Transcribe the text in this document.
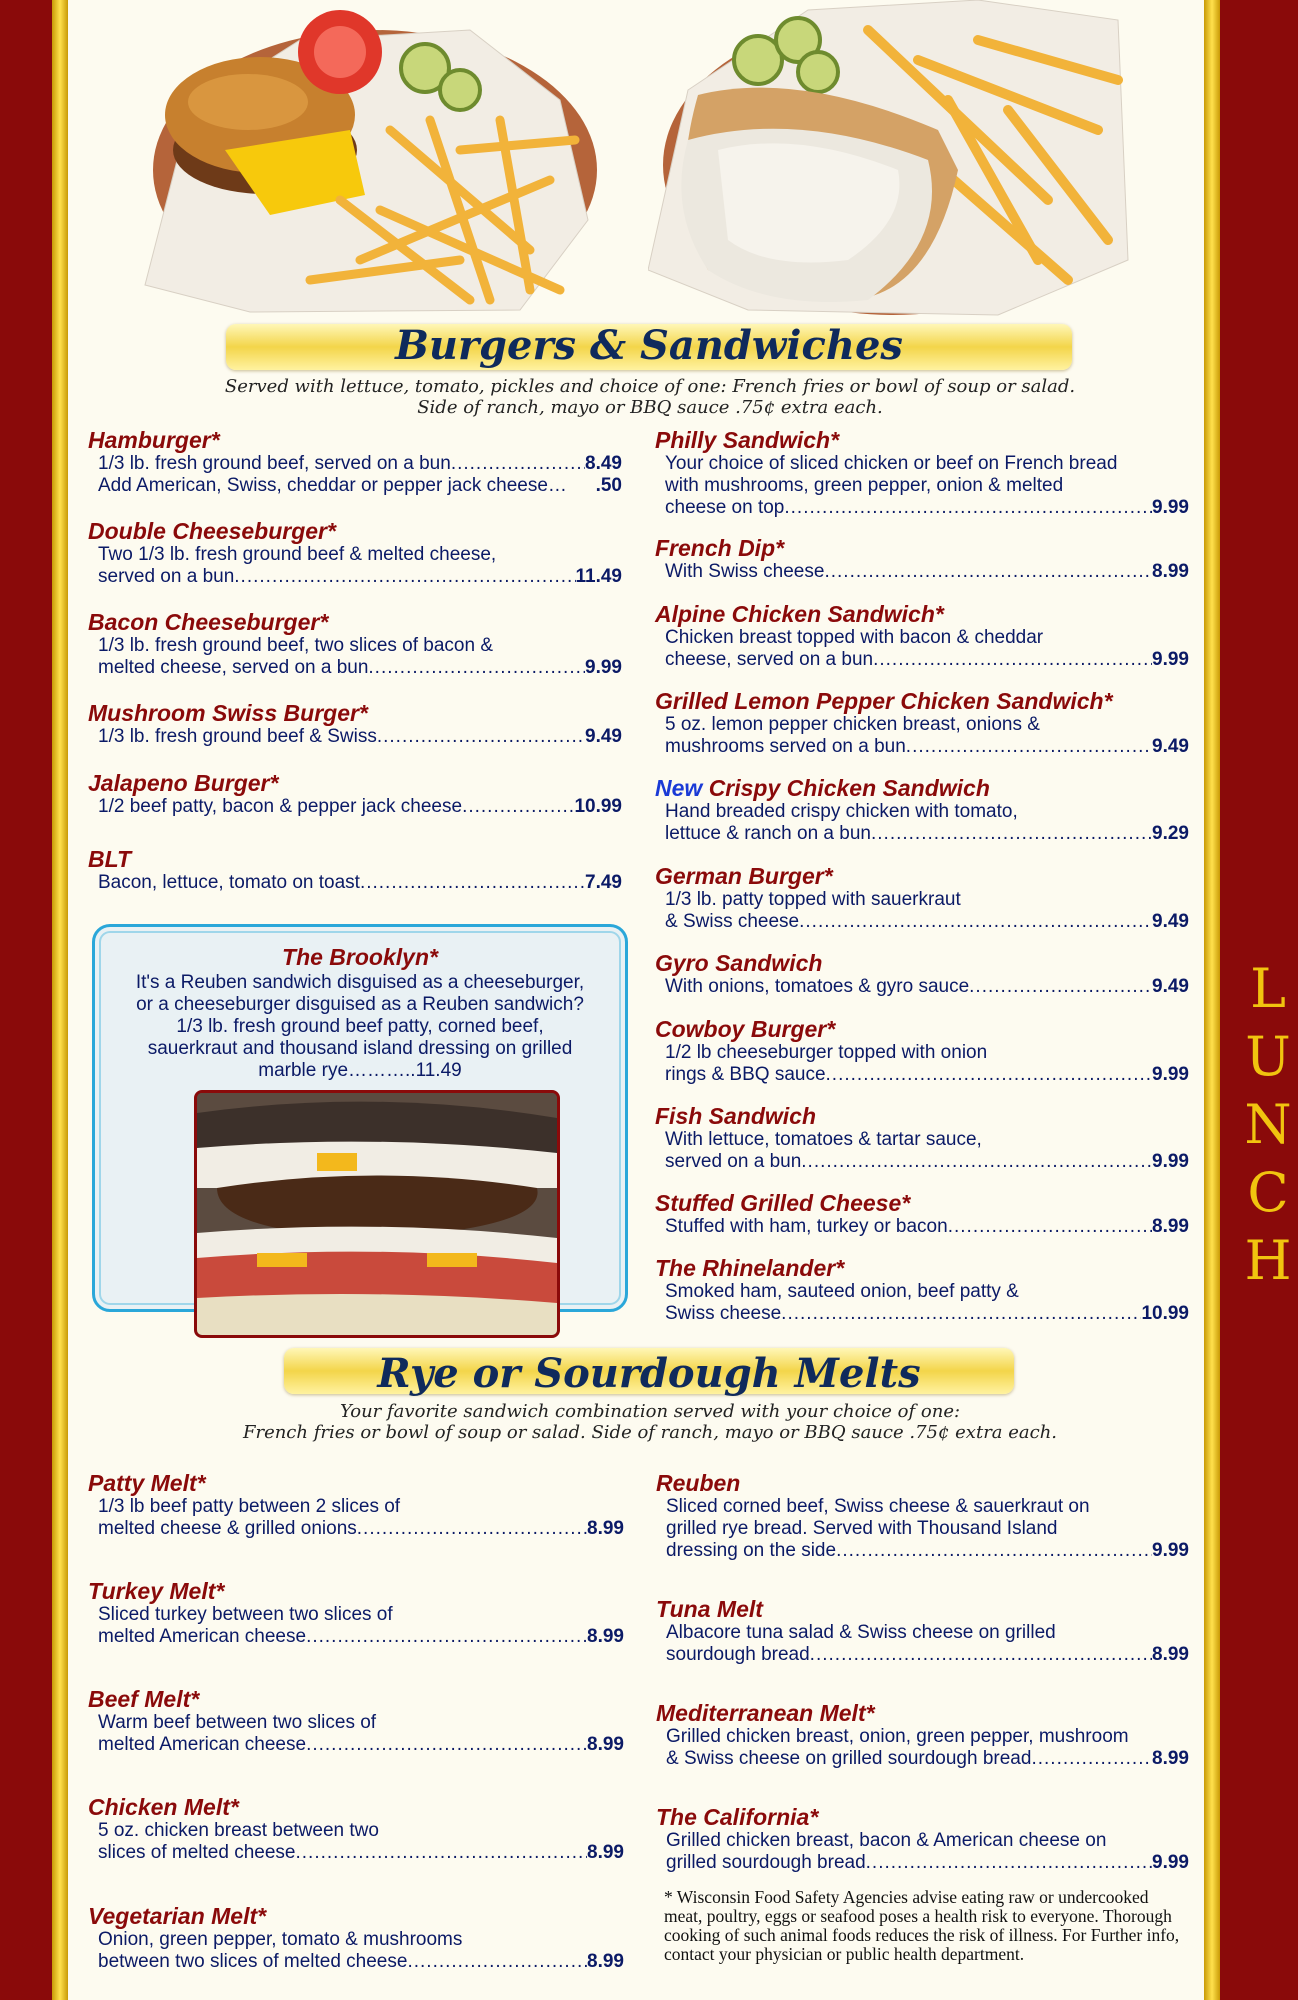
L
U
N
C
H
Burgers & Sandwiches
Served with lettuce, tomato, pickles and choice of one: French fries or bowl of soup or salad.
Side of ranch, mayo or BBQ sauce .75¢ extra each.
Hamburger*
1/3 lb. fresh ground beef, served on a bun .....	8.49
Add American, Swiss, cheddar or pepper jack cheese… .50
Double Cheeseburger*
Two 1/3 lb. fresh ground beef & melted cheese,
served on a bun .....	11.49
Bacon Cheeseburger*
1/3 lb. fresh ground beef, two slices of bacon &
melted cheese, served on a bun .....	9.99
Mushroom Swiss Burger*
1/3 lb. fresh ground beef & Swiss .....	9.49
Jalapeno Burger*
1/2 beef patty, bacon & pepper jack cheese .....	10.99
BLT
Bacon, lettuce, tomato on toast .....	7.49
The Brooklyn*
It's a Reuben sandwich disguised as a cheeseburger,
or a cheeseburger disguised as a Reuben sandwich?
1/3 lb. fresh ground beef patty, corned beef,
sauerkraut and thousand island dressing on grilled
marble rye………..11.49
Philly Sandwich*
Your choice of sliced chicken or beef on French bread
with mushrooms, green pepper, onion & melted
cheese on top .....	9.99
French Dip*
With Swiss cheese .....	8.99
Alpine Chicken Sandwich*
Chicken breast topped with bacon & cheddar
cheese, served on a bun .....	9.99
Grilled Lemon Pepper Chicken Sandwich*
5 oz. lemon pepper chicken breast, onions &
mushrooms served on a bun .....	9.49
New Crispy Chicken Sandwich
Hand breaded crispy chicken with tomato,
lettuce & ranch on a bun .....	9.29
German Burger*
1/3 lb. patty topped with sauerkraut
& Swiss cheese .....	9.49
Gyro Sandwich
With onions, tomatoes & gyro sauce .....	9.49
Cowboy Burger*
1/2 lb cheeseburger topped with onion
rings & BBQ sauce .....	9.99
Fish Sandwich
With lettuce, tomatoes & tartar sauce,
served on a bun .....	9.99
Stuffed Grilled Cheese*
Stuffed with ham, turkey or bacon .....	8.99
The Rhinelander*
Smoked ham, sauteed onion, beef patty &
Swiss cheese .....	10.99
Rye or Sourdough Melts
Your favorite sandwich combination served with your choice of one:
French fries or bowl of soup or salad. Side of ranch, mayo or BBQ sauce .75¢ extra each.
Patty Melt*
1/3 lb beef patty between 2 slices of
melted cheese & grilled onions .....	8.99
Turkey Melt*
Sliced turkey between two slices of
melted American cheese .....	8.99
Beef Melt*
Warm beef between two slices of
melted American cheese .....	8.99
Chicken Melt*
5 oz. chicken breast between two
slices of melted cheese .....	8.99
Vegetarian Melt*
Onion, green pepper, tomato & mushrooms
between two slices of melted cheese .....	8.99
Reuben
Sliced corned beef, Swiss cheese & sauerkraut on
grilled rye bread. Served with Thousand Island
dressing on the side .....	9.99
Tuna Melt
Albacore tuna salad & Swiss cheese on grilled
sourdough bread .....	8.99
Mediterranean Melt*
Grilled chicken breast, onion, green pepper, mushroom
& Swiss cheese on grilled sourdough bread .....	8.99
The California*
Grilled chicken breast, bacon & American cheese on
grilled sourdough bread .....	9.99
* Wisconsin Food Safety Agencies advise eating raw or undercooked meat, poultry, eggs or seafood poses a health risk to everyone. Thorough cooking of such animal foods reduces the risk of illness. For Further info, contact your physician or public health department.
